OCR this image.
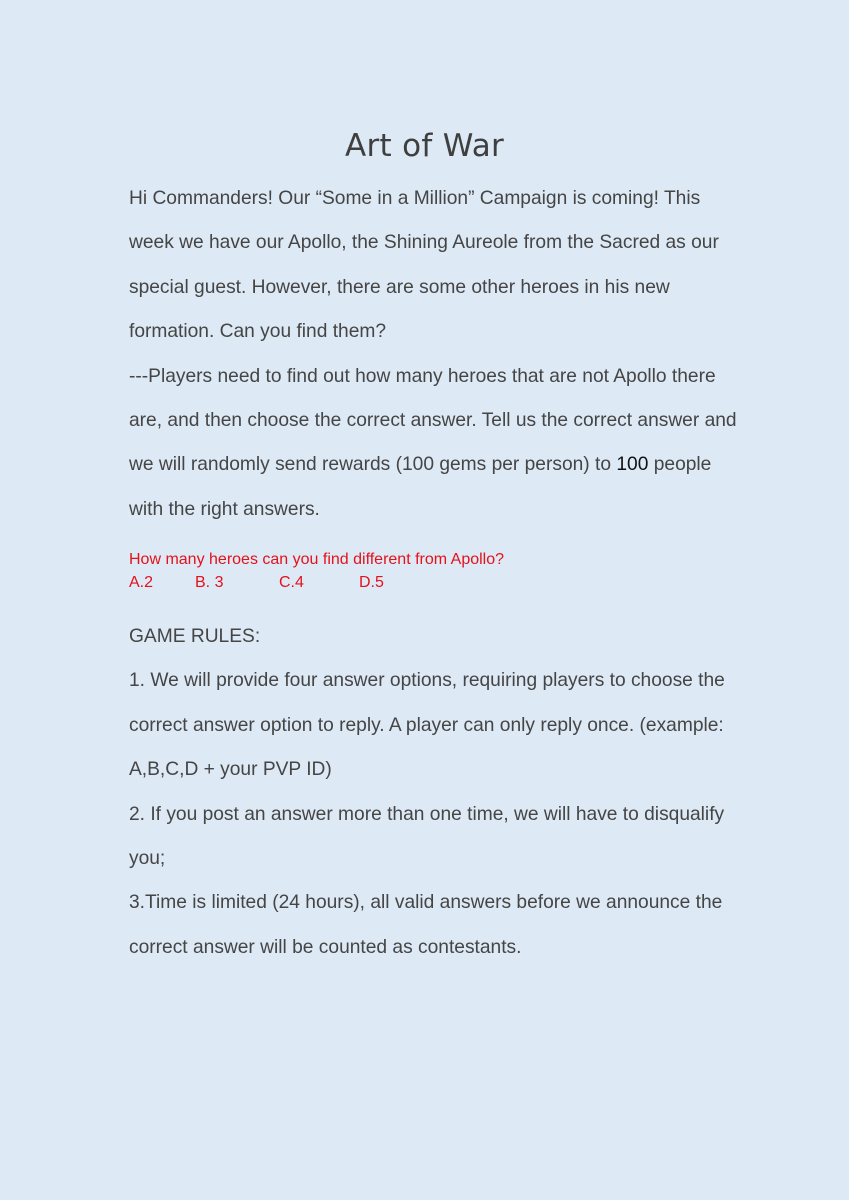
Art of War
Hi Commanders! Our “Some in a Million” Campaign is coming! This week we have our Apollo, the Shining Aureole from the Sacred as our special guest. However, there are some other heroes in his new formation. Can you find them?
---Players need to find out how many heroes that are not Apollo there are, and then choose the correct answer. Tell us the correct answer and we will randomly send rewards (100 gems per person) to 100 people with the right answers.
How many heroes can you find different from Apollo?
A.2	B. 3	C.4	D.5

GAME RULES:

1. We will provide four answer options, requiring players to choose the correct answer option to reply. A player can only reply once. (example: A,B,C,D + your PVP ID)

2. If you post an answer more than one time, we will have to disqualify you;

3.Time is limited (24 hours), all valid answers before we announce the correct answer will be counted as contestants.
